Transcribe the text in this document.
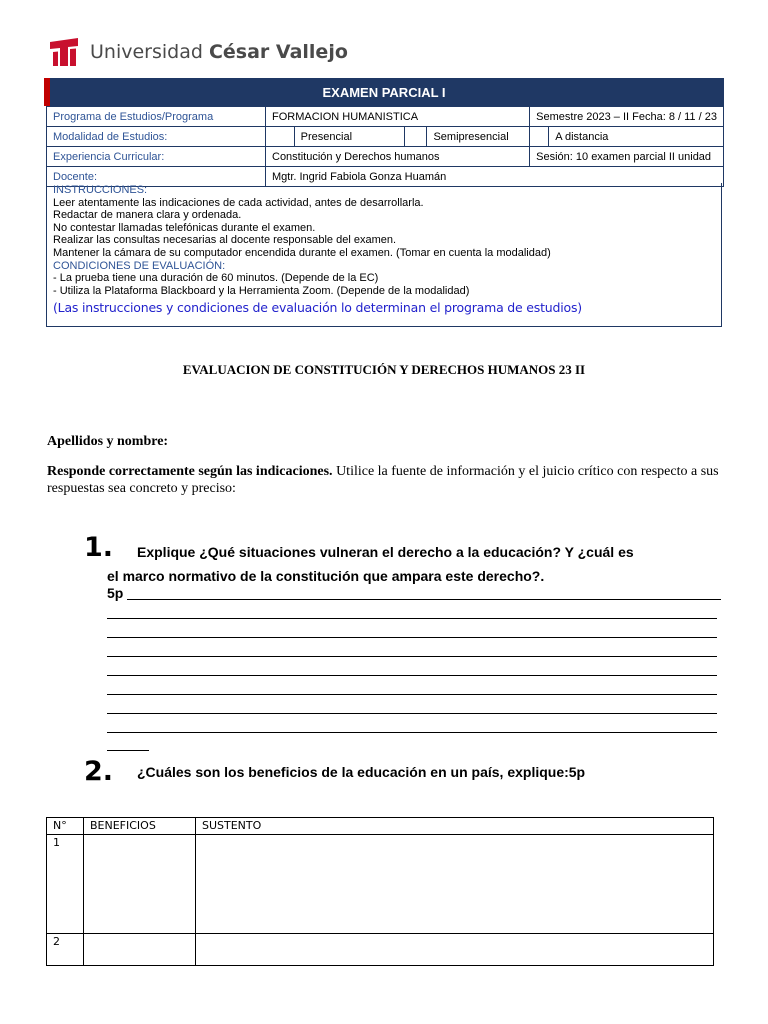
Universidad César Vallejo
EXAMEN PARCIAL I
Programa de Estudios/Programa	FORMACION HUMANISTICA				Semestre 2023 – II Fecha: 8 / 11 / 23	
Modalidad de Estudios:		Presencial		Semipresencial		A distancia
Experiencia Curricular:	Constitución y Derechos humanos				Sesión: 10 examen parcial II unidad	
Docente:	Mgtr. Ingrid Fabiola Gonza Huamán					
INSTRUCCIONES:
Leer atentamente las indicaciones de cada actividad, antes de desarrollarla.
Redactar de manera clara y ordenada.
No contestar llamadas telefónicas durante el examen.
Realizar las consultas necesarias al docente responsable del examen.
Mantener la cámara de su computador encendida durante el examen. (Tomar en cuenta la modalidad)
CONDICIONES DE EVALUACIÓN:
- La prueba tiene una duración de 60 minutos. (Depende de la EC)
- Utiliza la Plataforma Blackboard y la Herramienta Zoom. (Depende de la modalidad)
(Las instrucciones y condiciones de evaluación lo determinan el programa de estudios)
EVALUACION DE CONSTITUCIÓN Y DERECHOS HUMANOS 23 II
Apellidos y nombre:
Responde correctamente según las indicaciones. Utilice la fuente de información y el juicio crítico con respecto a sus respuestas sea concreto y preciso:
1.	Explique ¿Qué situaciones vulneran el derecho a la educación? Y ¿cuál es
el marco normativo de la constitución que ampara este derecho?.
5p
2. ¿Cuáles son los beneficios de la educación en un país, explique:5p
N°	BENEFICIOS	SUSTENTO
1		
2		
